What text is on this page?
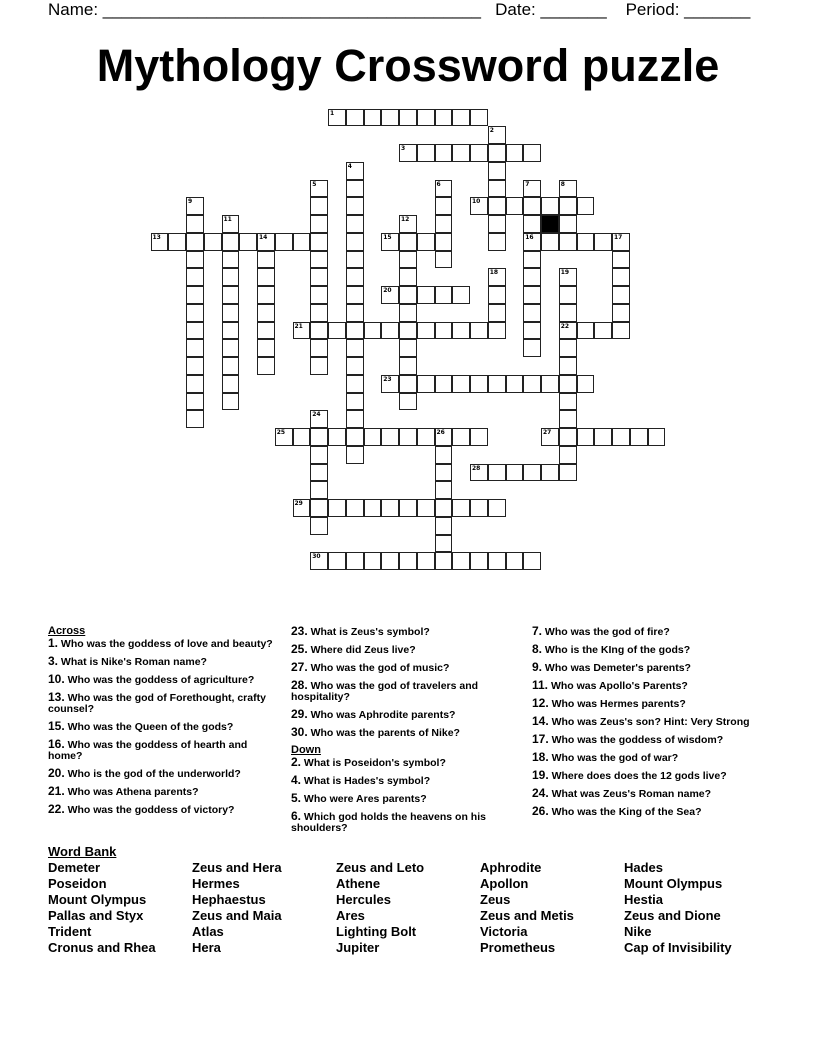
Name: ________________________________________   Date: _______    Period: _______
Mythology Crossword puzzle
1
2
3
4
5	6	7
16
8
9	10
11	12
13	14	15	17
18	19
22
20
21
23
24
25	26	27
28
29
30
Across
1. Who was the goddess of love and beauty?
3. What is Nike's Roman name?
10. Who was the goddess of agriculture?
13. Who was the god of Forethought, crafty counsel?
15. Who was the Queen of the gods?
16. Who was the goddess of hearth and home?
20. Who is the god of the underworld?
21. Who was Athena parents?
22. Who was the goddess of victory?
23. What is Zeus's symbol?
25. Where did Zeus live?
27. Who was the god of music?
28. Who was the god of travelers and hospitality?
29. Who was Aphrodite parents?
30. Who was the parents of Nike?
Down
2. What is Poseidon's symbol?
4. What is Hades's symbol?
5. Who were Ares parents?
6. Which god holds the heavens on his shoulders?
7. Who was the god of fire?
8. Who is the KIng of the gods?
9. Who was Demeter's parents?
11. Who was Apollo's Parents?
12. Who was Hermes parents?
14. Who was Zeus's son? Hint: Very Strong
17. Who was the goddess of wisdom?
18. Who was the god of war?
19. Where does does the 12 gods live?
24. What was Zeus's Roman name?
26. Who was the King of the Sea?
Word Bank
Demeter
Poseidon
Mount Olympus
Pallas and Styx
Trident
Cronus and Rhea
Zeus and Hera
Hermes
Hephaestus
Zeus and Maia
Atlas
Hera
Zeus and Leto
Athene
Hercules
Ares
Lighting Bolt
Jupiter
Aphrodite
Apollon
Zeus
Zeus and Metis
Victoria
Prometheus
Hades
Mount Olympus
Hestia
Zeus and Dione
Nike
Cap of Invisibility
